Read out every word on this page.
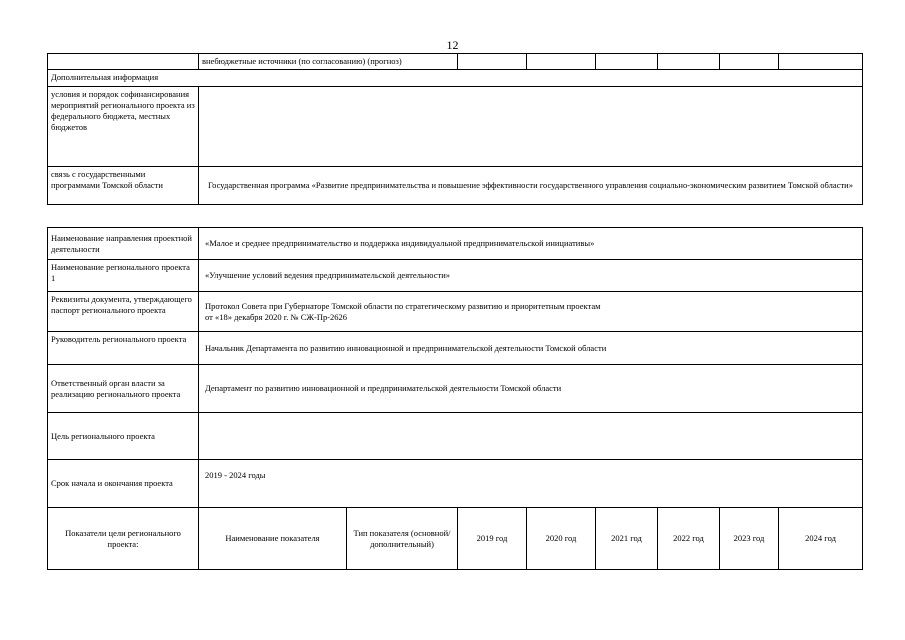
12
	внебюджетные источники (по согласованию) (прогноз)						
Дополнительная информация							
условия и порядок софинансирования мероприятий регионального проекта из федерального бюджета, местных бюджетов							
связь с государственными программами Томской области	Государственная программа «Развитие предпринимательства и повышение эффективности государственного управления социально-экономическим развитием Томской области»						
Наименование направления проектной деятельности	«Малое и среднее предпринимательство и поддержка индивидуальной предпринимательской инициативы»							
Наименование регионального проекта 1	«Улучшение условий ведения предпринимательской деятельности»							
Реквизиты документа, утверждающего паспорт регионального проекта	Протокол Совета при Губернаторе Томской области по стратегическому развитию и приоритетным проектам
от «18» декабря 2020 г. № СЖ-Пр-2626							

Руководитель регионального проекта	Начальник Департамента по развитию инновационной и предпринимательской деятельности Томской области							
Ответственный орган власти за реализацию регионального проекта	Департамент по развитию инновационной и предпринимательской деятельности Томской области							
Цель регионального проекта								
Срок начала и окончания проекта	2019 - 2024 годы							
Показатели цели регионального проекта:	Наименование показателя	Тип показателя (основной/ дополнительный)	2019 год	2020 год	2021 год	2022 год	2023 год	2024 год
